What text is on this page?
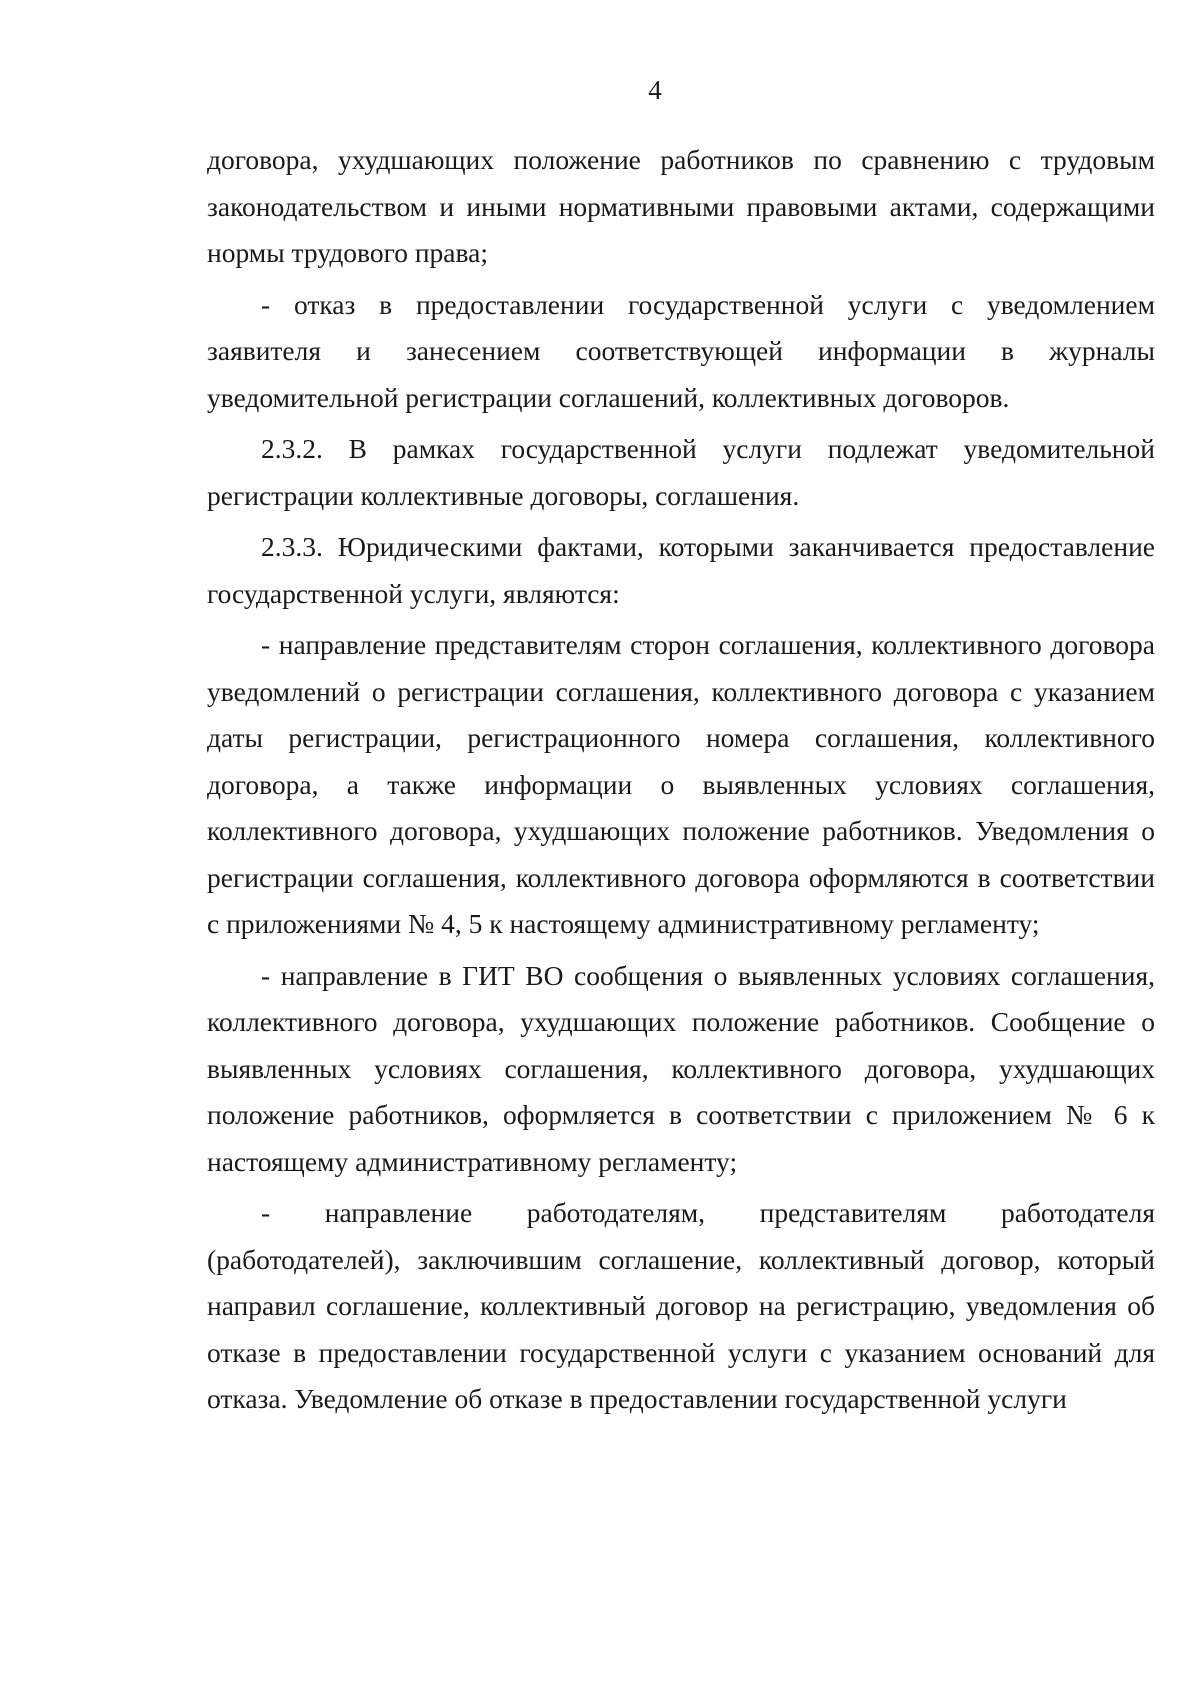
4

договора, ухудшающих положение работников по сравнению с трудовым законодательством и иными нормативными правовыми актами, содержащими нормы трудового права;

- отказ в предоставлении государственной услуги с уведомлением заявителя и занесением соответствующей информации в журналы уведомительной регистрации соглашений, коллективных договоров.

2.3.2. В рамках государственной услуги подлежат уведомительной регистрации коллективные договоры, соглашения.

2.3.3. Юридическими фактами, которыми заканчивается предоставление государственной услуги, являются:

- направление представителям сторон соглашения, коллективного договора уведомлений о регистрации соглашения, коллективного договора с указанием даты регистрации, регистрационного номера соглашения, коллективного договора, а также информации о выявленных условиях соглашения, коллективного договора, ухудшающих положение работников. Уведомления о регистрации соглашения, коллективного договора оформляются в соответствии с приложениями № 4, 5 к настоящему административному регламенту;

- направление в ГИТ ВО сообщения о выявленных условиях соглашения, коллективного договора, ухудшающих положение работников. Сообщение о выявленных условиях соглашения, коллективного договора, ухудшающих положение работников, оформляется в соответствии с приложением № 6 к настоящему административному регламенту;

- направление работодателям, представителям работодателя (работодателей), заключившим соглашение, коллективный договор, который направил соглашение, коллективный договор на регистрацию, уведомления об отказе в предоставлении государственной услуги с указанием оснований для отказа. Уведомление об отказе в предоставлении государственной услуги
